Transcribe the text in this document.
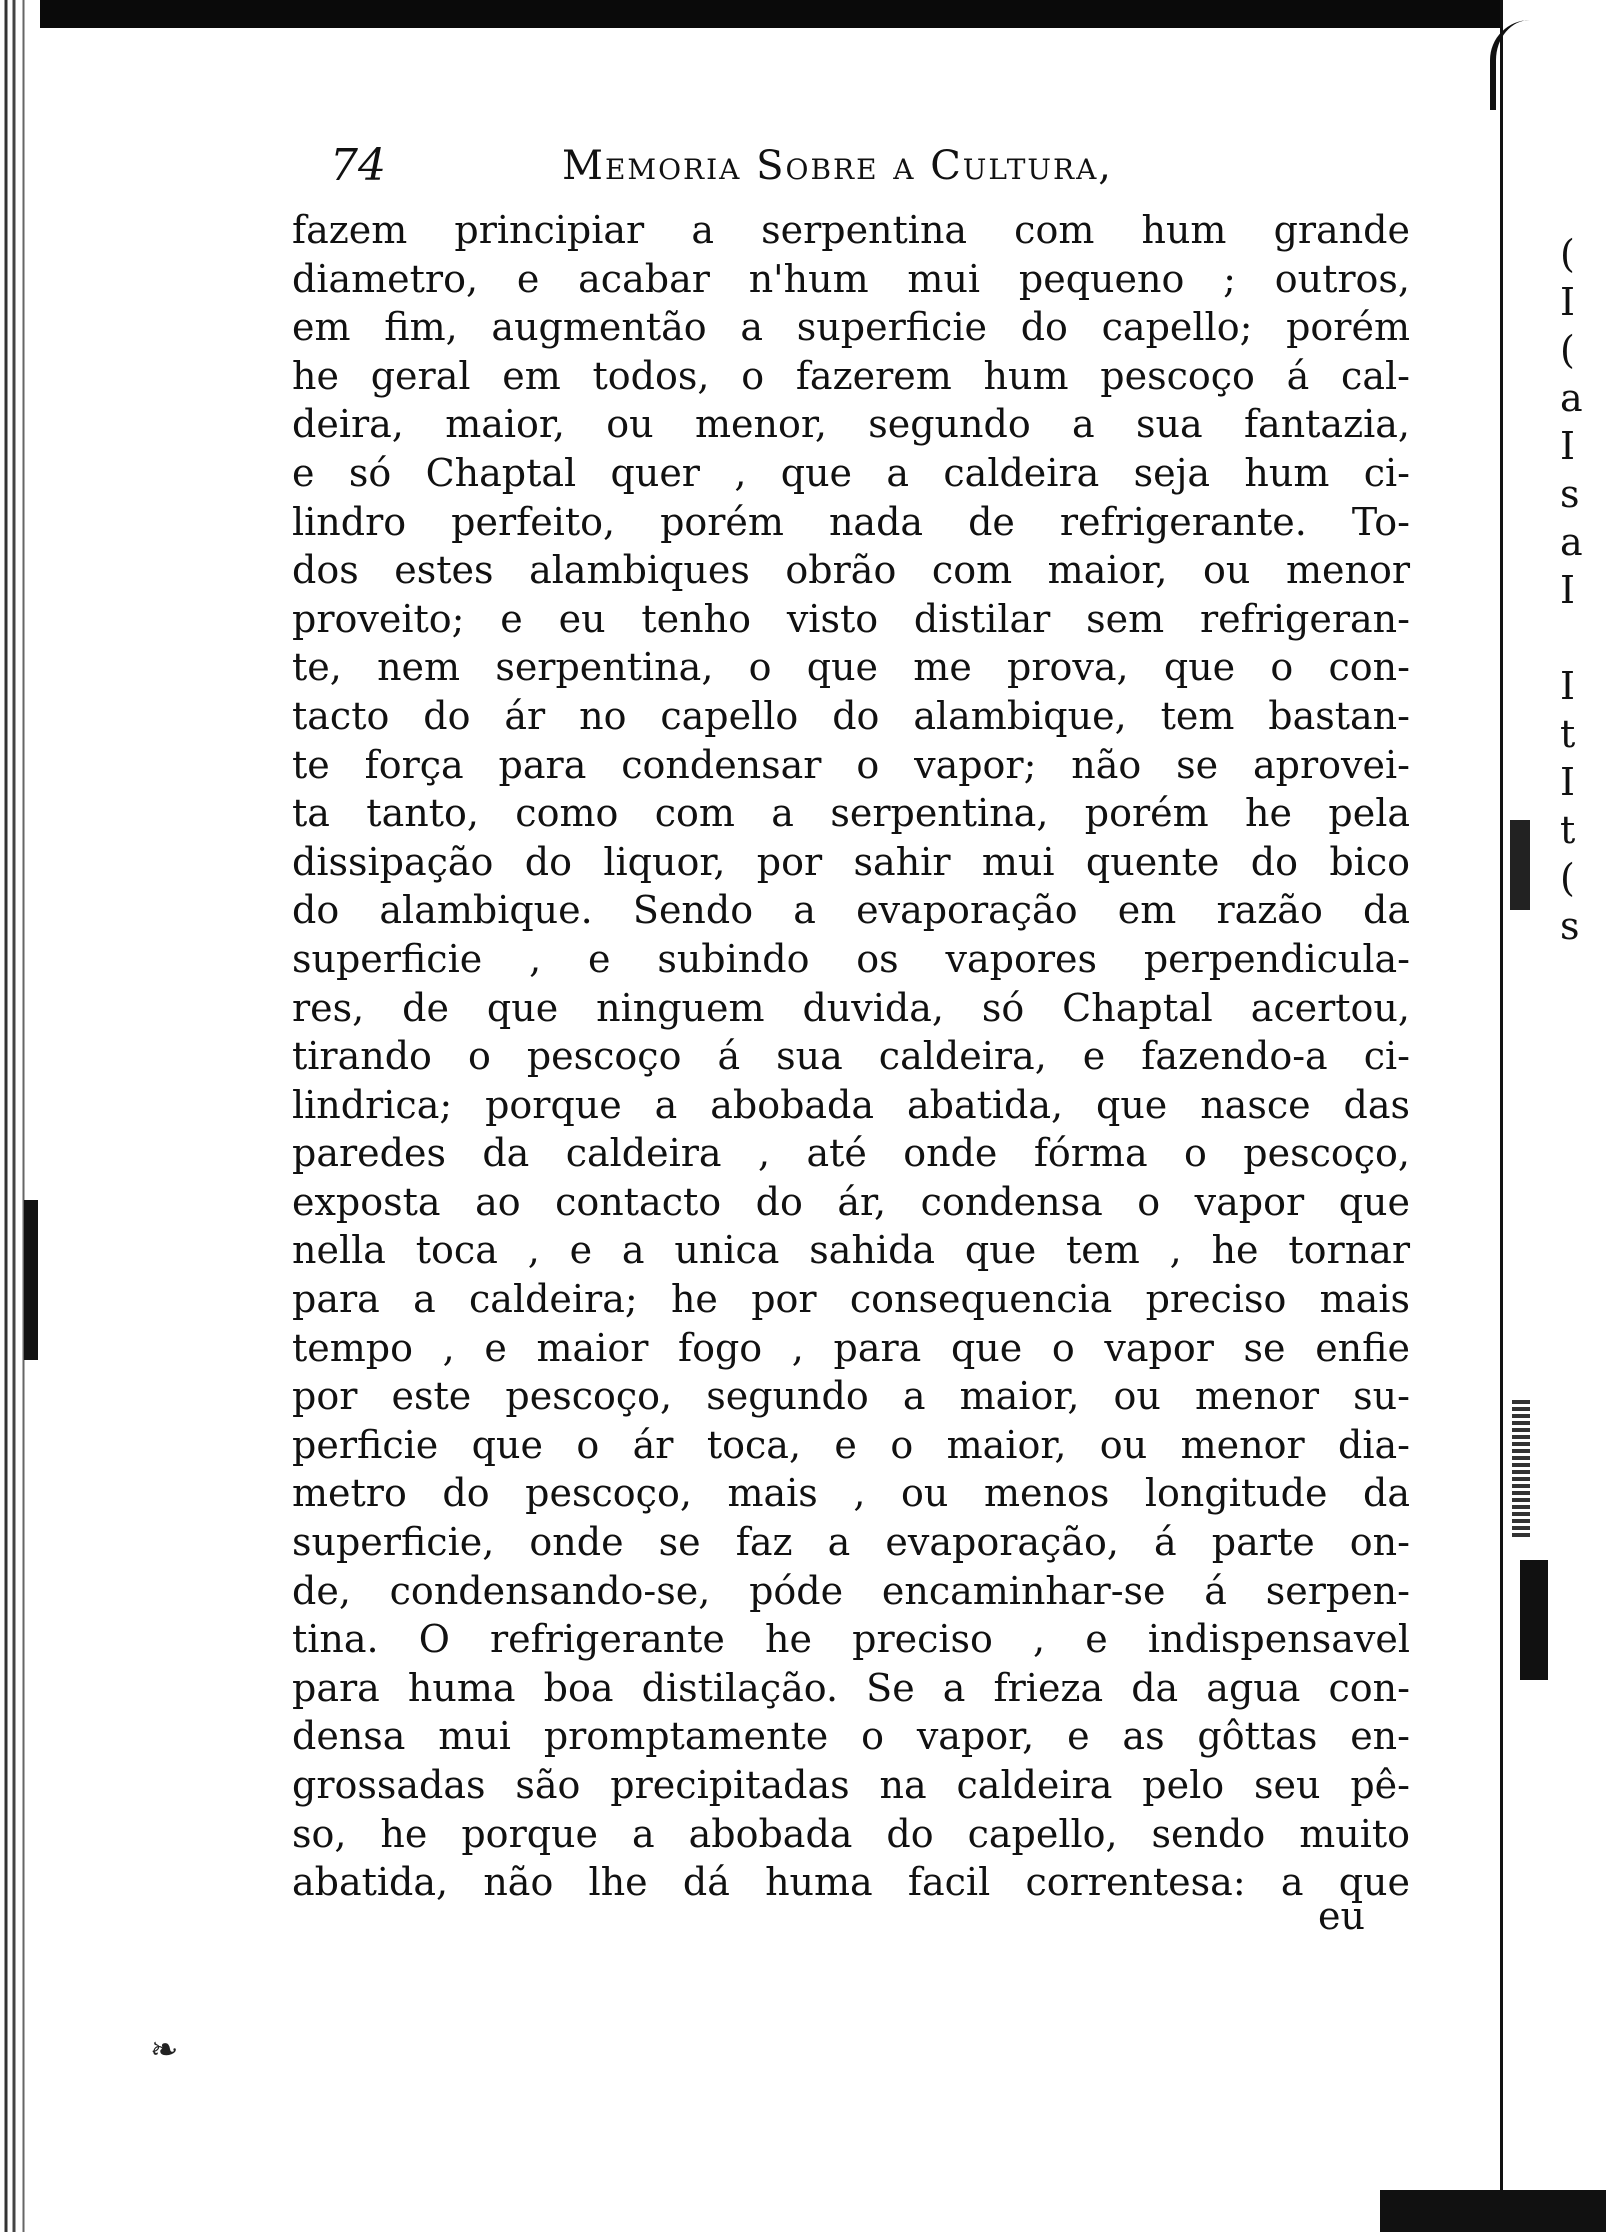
(
I
(
a
I
s
a
I
I
t
I
t
(
s
74	Memoria Sobre a Cultura,
fazem principiar a serpentina com hum grande
diametro, e acabar n'hum mui pequeno ; outros,
em fim, augmentão a superficie do capello; porém
he geral em todos, o fazerem hum pescoço á cal-
deira, maior, ou menor, segundo a sua fantazia,
e só Chaptal quer , que a caldeira seja hum ci-
lindro perfeito, porém nada de refrigerante. To-
dos estes alambiques obrão com maior, ou menor
proveito; e eu tenho visto distilar sem refrigeran-
te, nem serpentina, o que me prova, que o con-
tacto do ár no capello do alambique, tem bastan-
te força para condensar o vapor; não se aprovei-
ta tanto, como com a serpentina, porém he pela
dissipação do liquor, por sahir mui quente do bico
do alambique. Sendo a evaporação em razão da
superficie , e subindo os vapores perpendicula-
res, de que ninguem duvida, só Chaptal acertou,
tirando o pescoço á sua caldeira, e fazendo-a ci-
lindrica; porque a abobada abatida, que nasce das
paredes da caldeira , até onde fórma o pescoço,
exposta ao contacto do ár, condensa o vapor que
nella toca , e a unica sahida que tem , he tornar
para a caldeira; he por consequencia preciso mais
tempo , e maior fogo , para que o vapor se enfie
por este pescoço, segundo a maior, ou menor su-
perficie que o ár toca, e o maior, ou menor dia-
metro do pescoço, mais , ou menos longitude da
superficie, onde se faz a evaporação, á parte on-
de, condensando-se, póde encaminhar-se á serpen-
tina. O refrigerante he preciso , e indispensavel
para huma boa distilação. Se a frieza da agua con-
densa mui promptamente o vapor, e as gôttas en-
grossadas são precipitadas na caldeira pelo seu pê-
so, he porque a abobada do capello, sendo muito
abatida, não lhe dá huma facil correntesa: a que
eu
❧
